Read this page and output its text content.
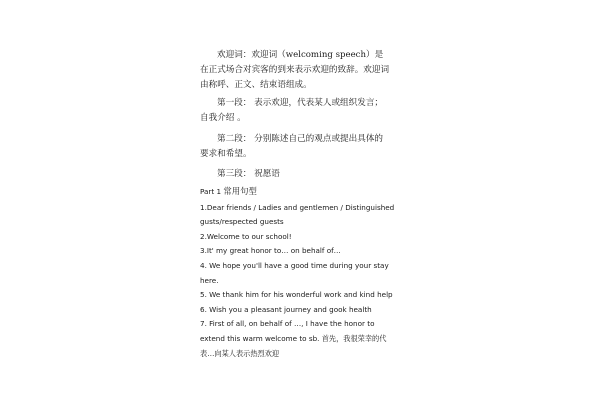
欢迎词：欢迎词（welcoming speech）是在正式场合对宾客的到来表示欢迎的致辞。欢迎词由称呼、正文、结束语组成。

第一段： 表示欢迎，代表某人或组织发言； 自我介绍 。

第二段： 分别陈述自己的观点或提出具体的要求和希望。

第三段： 祝愿语

Part 1 常用句型
1.Dear friends / Ladies and gentlemen / Distinguished gusts/respected guests
2.Welcome to our school!
3.It' my great honor to… on behalf of…
4. We hope you'll have a good time during your stay here.
5. We thank him for his wonderful work and kind help
6. Wish you a pleasant journey and gook health
7. First of all, on behalf of …, I have the honor to extend this warm welcome to sb. 首先，我很荣幸的代表…向某人表示热烈欢迎
